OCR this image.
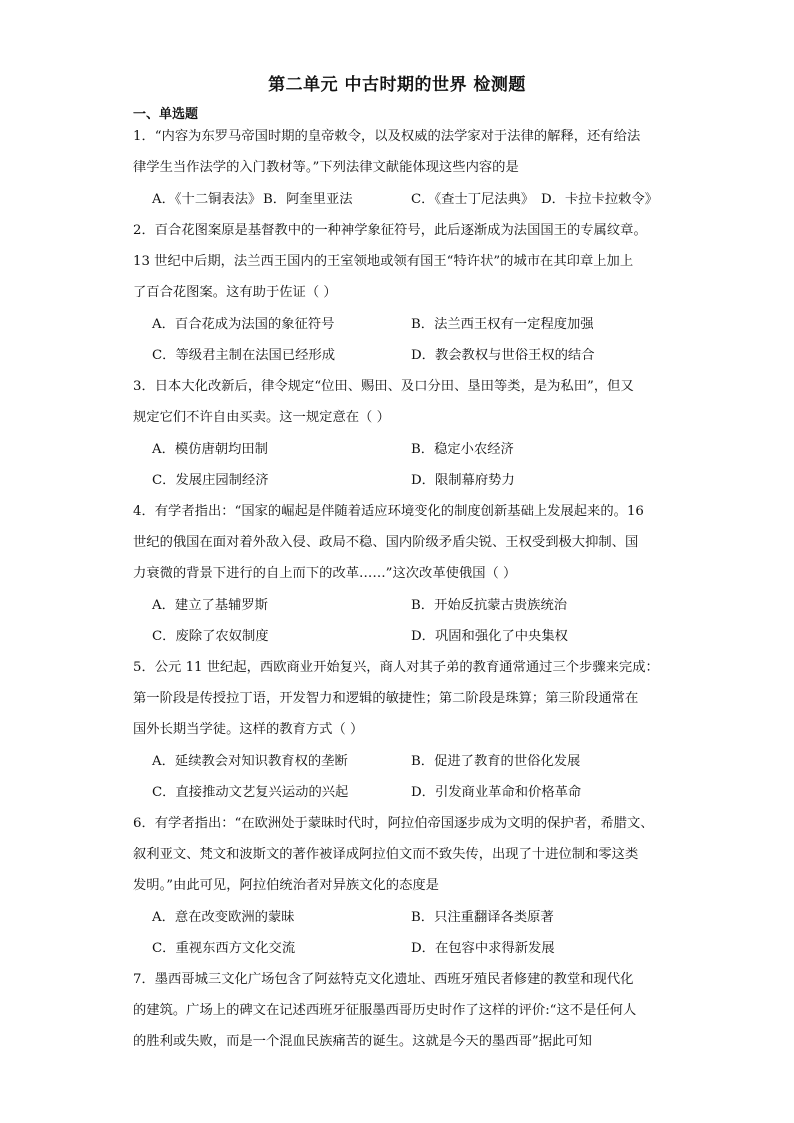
第二单元 中古时期的世界 检测题
一、单选题
1．“内容为东罗马帝国时期的皇帝敕令，以及权威的法学家对于法律的解释，还有给法
律学生当作法学的入门教材等。”下列法律文献能体现这些内容的是
A．《十二铜表法》 B．阿奎里亚法	C．《查士丁尼法典》 D．卡拉卡拉敕令》
2．百合花图案原是基督教中的一种神学象征符号，此后逐渐成为法国国王的专属纹章。
13 世纪中后期，法兰西王国内的王室领地或领有国王“特许状”的城市在其印章上加上
了百合花图案。这有助于佐证（ ）
A．百合花成为法国的象征符号	B．法兰西王权有一定程度加强
C．等级君主制在法国已经形成	D．教会教权与世俗王权的结合
3．日本大化改新后，律令规定“位田、赐田、及口分田、垦田等类，是为私田”，但又
规定它们不许自由买卖。这一规定意在（ ）
A．模仿唐朝均田制	B．稳定小农经济
C．发展庄园制经济	D．限制幕府势力
4．有学者指出：“国家的崛起是伴随着适应环境变化的制度创新基础上发展起来的。16
世纪的俄国在面对着外敌入侵、政局不稳、国内阶级矛盾尖锐、王权受到极大抑制、国
力衰微的背景下进行的自上而下的改革……”这次改革使俄国（ ）
A．建立了基辅罗斯	B．开始反抗蒙古贵族统治
C．废除了农奴制度	D．巩固和强化了中央集权
5．公元 11 世纪起，西欧商业开始复兴，商人对其子弟的教育通常通过三个步骤来完成：
第一阶段是传授拉丁语，开发智力和逻辑的敏捷性；第二阶段是珠算；第三阶段通常在
国外长期当学徒。这样的教育方式（ ）
A．延续教会对知识教育权的垄断	B．促进了教育的世俗化发展
C．直接推动文艺复兴运动的兴起	D．引发商业革命和价格革命
6．有学者指出：“在欧洲处于蒙昧时代时，阿拉伯帝国逐步成为文明的保护者，希腊文、
叙利亚文、梵文和波斯文的著作被译成阿拉伯文而不致失传，出现了十进位制和零这类
发明。”由此可见，阿拉伯统治者对异族文化的态度是
A．意在改变欧洲的蒙昧	B．只注重翻译各类原著
C．重视东西方文化交流	D．在包容中求得新发展
7．墨西哥城三文化广场包含了阿兹特克文化遗址、西班牙殖民者修建的教堂和现代化
的建筑。广场上的碑文在记述西班牙征服墨西哥历史时作了这样的评价:“这不是任何人
的胜利或失败，而是一个混血民族痛苦的诞生。这就是今天的墨西哥”据此可知
